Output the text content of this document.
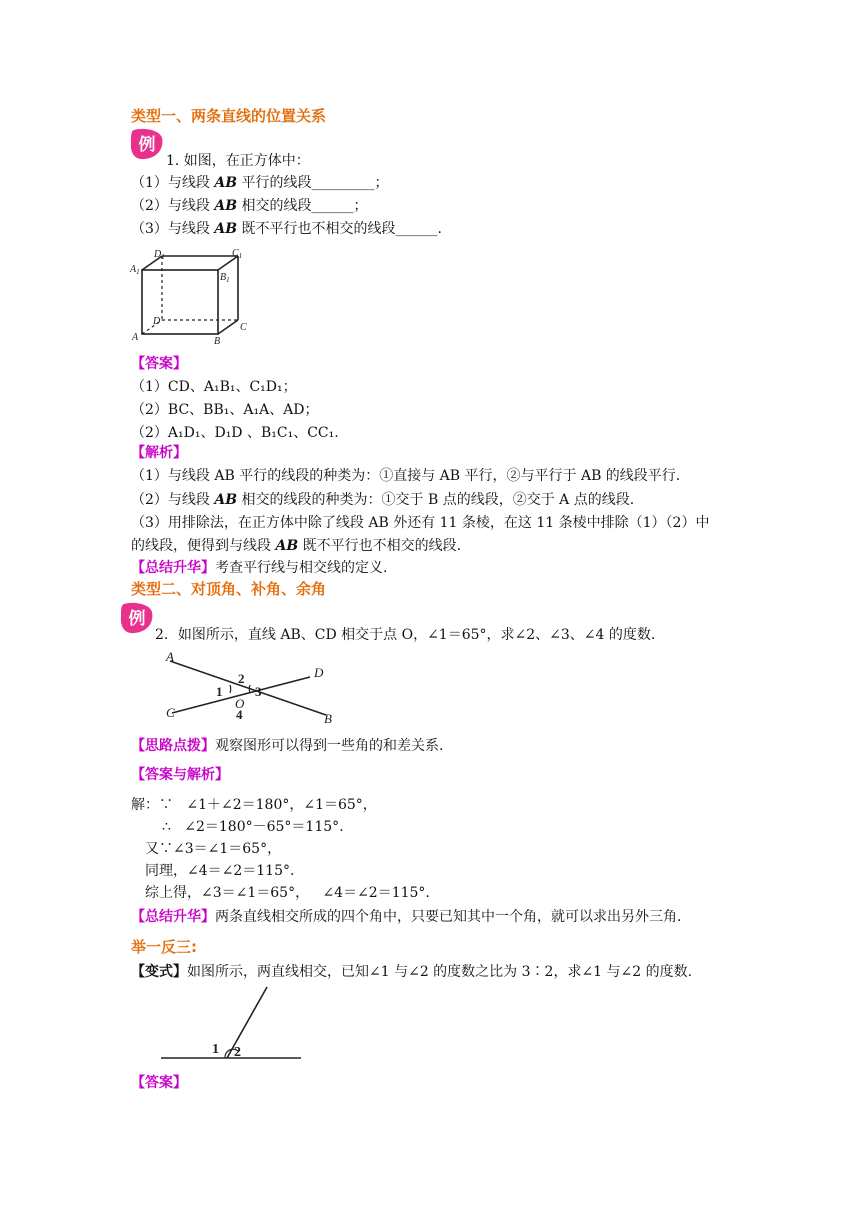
类型一、两条直线的位置关系
例
1. 如图，在正方体中：
（1）与线段 AB 平行的线段_________；
（2）与线段 AB 相交的线段______；
（3）与线段 AB 既不平行也不相交的线段______.
$A_1$
$D_1$	$C_1$
$B_1$
D
C
A	B
【答案】
（1）CD、A₁B₁、C₁D₁；
（2）BC、BB₁、A₁A、AD；
（2）A₁D₁、D₁D 、B₁C₁、CC₁.
【解析】
（1）与线段 AB 平行的线段的种类为：①直接与 AB 平行，②与平行于 AB 的线段平行.
（2）与线段 AB 相交的线段的种类为：①交于 B 点的线段，②交于 A 点的线段.
（3）用排除法，在正方体中除了线段 AB 外还有 11 条棱，在这 11 条棱中排除（1）（2）中
的线段，便得到与线段 AB 既不平行也不相交的线段.
【总结升华】考查平行线与相交线的定义.
类型二、对顶角、补角、余角
例
2．如图所示，直线 AB、CD 相交于点 O，∠1＝65°，求∠2、∠3、∠4 的度数.
A
D
C	B
O
2
1	3
4
【思路点拨】观察图形可以得到一些角的和差关系.
【答案与解析】
解：∵   ∠1＋∠2＝180°，∠1＝65°，
∴   ∠2＝180°－65°＝115°.
又∵∠3＝∠1＝65°，
同理，∠4＝∠2＝115°.
综上得，∠3＝∠1＝65°，   ∠4＝∠2＝115°.
【总结升华】两条直线相交所成的四个角中，只要已知其中一个角，就可以求出另外三角.
举一反三:
【变式】如图所示，两直线相交，已知∠1 与∠2 的度数之比为 3∶2，求∠1 与∠2 的度数.
1 2
【答案】
